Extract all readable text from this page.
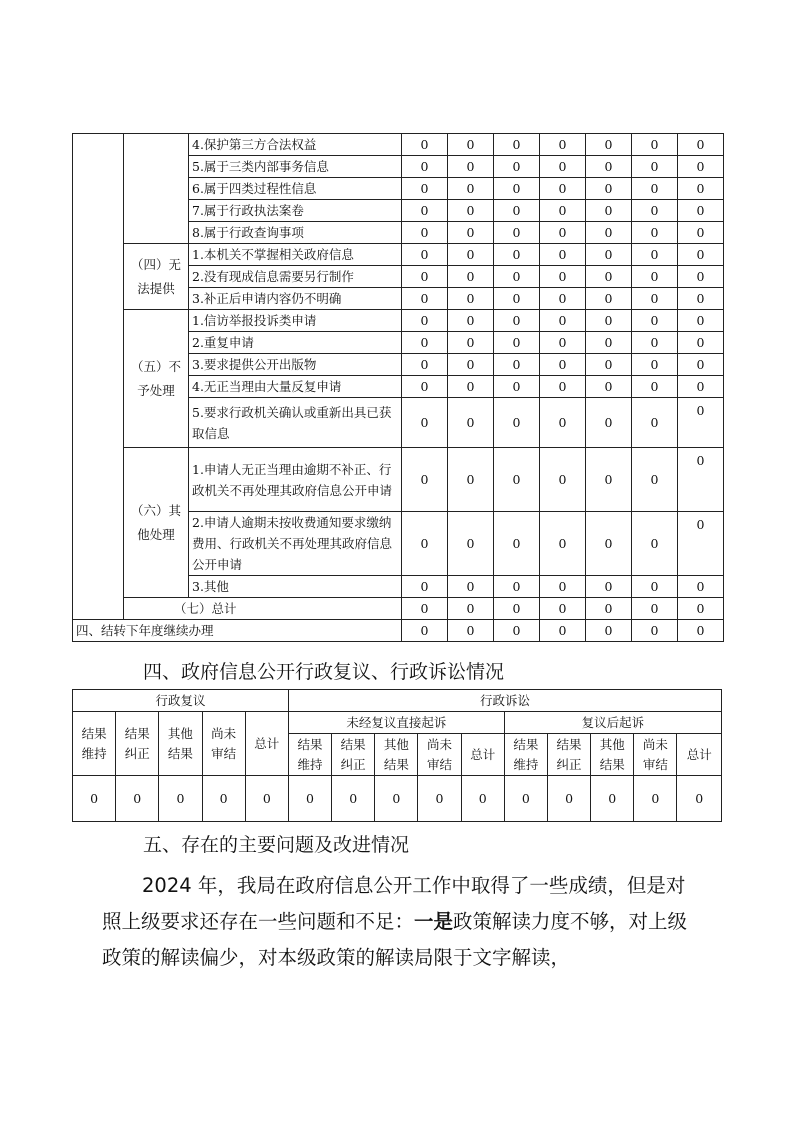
		4.保护第三方合法权益	0	0	0	0	0	0	0
		5.属于三类内部事务信息	0	0	0	0	0	0	0
		6.属于四类过程性信息	0	0	0	0	0	0	0
		7.属于行政执法案卷	0	0	0	0	0	0	0
		8.属于行政查询事项	0	0	0	0	0	0	0
	（四）无法提供	1.本机关不掌握相关政府信息	0	0	0	0	0	0	0
		2.没有现成信息需要另行制作	0	0	0	0	0	0	0
		3.补正后申请内容仍不明确	0	0	0	0	0	0	0
	（五）不予处理	1.信访举报投诉类申请	0	0	0	0	0	0	0
		2.重复申请	0	0	0	0	0	0	0
		3.要求提供公开出版物	0	0	0	0	0	0	0
		4.无正当理由大量反复申请	0	0	0	0	0	0	0
		5.要求行政机关确认或重新出具已获取信息	0	0	0	0	0	0	0
	（六）其他处理	1.申请人无正当理由逾期不补正、行政机关不再处理其政府信息公开申请	0	0	0	0	0	0	0
		2.申请人逾期未按收费通知要求缴纳费用、行政机关不再处理其政府信息公开申请	0	0	0	0	0	0	0
		3.其他	0	0	0	0	0	0	0
	（七）总计		0	0	0	0	0	0	0
四、结转下年度继续办理			0	0	0	0	0	0	0
四、政府信息公开行政复议、行政诉讼情况
行政复议					行政诉讼									
结果维持	结果纠正	其他结果	尚未审结	总计	未经复议直接起诉					复议后起诉				
					结果维持	结果纠正	其他结果	尚未审结	总计	结果维持	结果纠正	其他结果	尚未审结	总计
0	0	0	0	0	0	0	0	0	0	0	0	0	0	0
五、存在的主要问题及改进情况
2024 年，我局在政府信息公开工作中取得了一些成绩，但是对照上级要求还存在一些问题和不足：一是政策解读力度不够，对上级政策的解读偏少，对本级政策的解读局限于文字解读，
